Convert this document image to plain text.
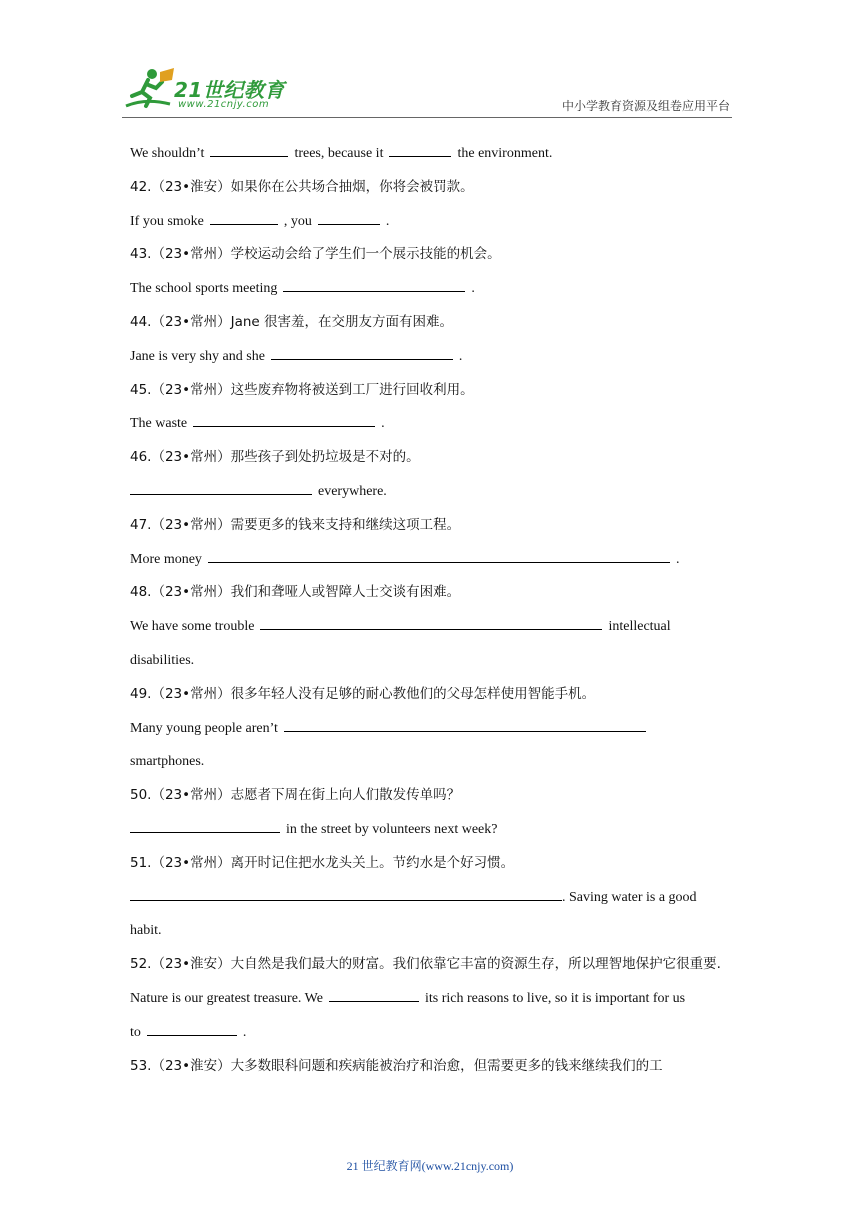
21世纪教育
www.21cnjy.com	中小学教育资源及组卷应用平台
We shouldn’t	trees, because it	the environment.
42.（23•淮安）如果你在公共场合抽烟，你将会被罚款。
If you smoke	, you	.
43.（23•常州）学校运动会给了学生们一个展示技能的机会。
The school sports meeting	.
44.（23•常州）Jane 很害羞，在交朋友方面有困难。
Jane is very shy and she	.
45.（23•常州）这些废弃物将被送到工厂进行回收利用。
The waste	.
46.（23•常州）那些孩子到处扔垃圾是不对的。
everywhere.
47.（23•常州）需要更多的钱来支持和继续这项工程。
More money	.
48.（23•常州）我们和聋哑人或智障人士交谈有困难。
We have some trouble	intellectual
disabilities.
49.（23•常州）很多年轻人没有足够的耐心教他们的父母怎样使用智能手机。
Many young people aren’t
smartphones.
50.（23•常州）志愿者下周在街上向人们散发传单吗？
in the street by volunteers next week?
51.（23•常州）离开时记住把水龙头关上。节约水是个好习惯。
. Saving water is a good
habit.
52.（23•淮安）大自然是我们最大的财富。我们依靠它丰富的资源生存，所以理智地保护它很重要.
Nature is our greatest treasure. We	its rich reasons to live, so it is important for us
to	.
53.（23•淮安）大多数眼科问题和疾病能被治疗和治愈，但需要更多的钱来继续我们的工
21 世纪教育网(www.21cnjy.com)
